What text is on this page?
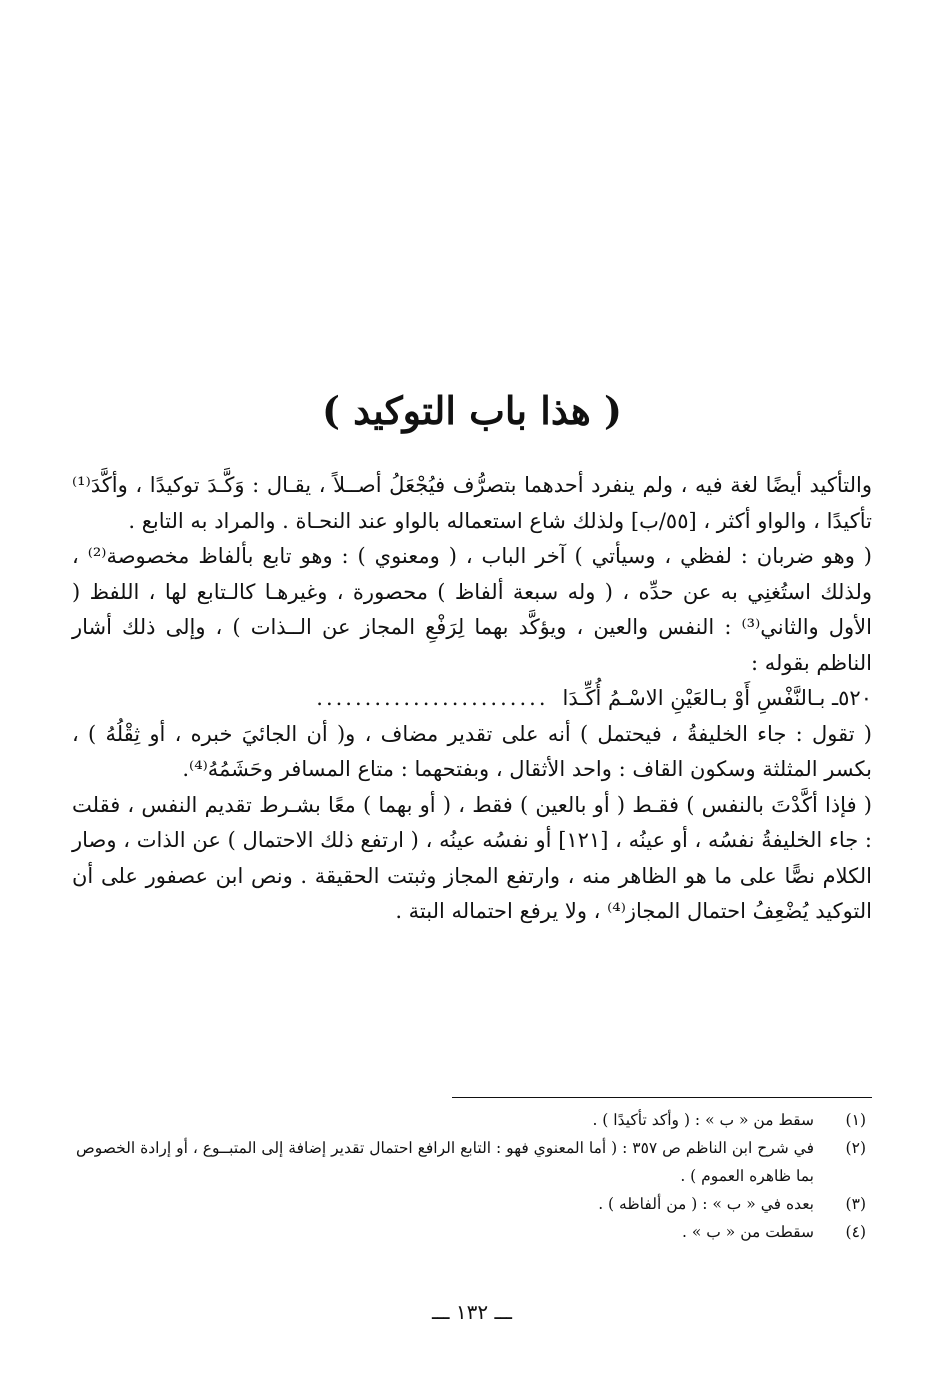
( هذا باب التوكيد )

والتأكيد أيضًا لغة فيه ، ولم ينفرد أحدهما بتصرُّف فيُجْعَلُ أصــلاً ، يقـال : وَكَّـدَ توكيدًا ، وأكَّدَ⁽¹⁾ تأكيدًا ، والواو أكثر ، [٥٥/ب] ولذلك شاع استعماله بالواو عند النحـاة . والمراد به التابع .

( وهو ضربان : لفظي ، وسيأتي ) آخر الباب ، ( ومعنوي ) : وهو تابع بألفاظ مخصوصة⁽²⁾ ، ولذلك استُغنِي به عن حدِّه ، ( وله سبعة ألفاظ ) محصورة ، وغيرهـا كالـتابع لها ، اللفظ ( الأول والثاني⁽³⁾ : النفس والعين ، ويؤكَّد بهما لِرَفْعِ المجاز عن الــذات ) ، وإلى ذلك أشار الناظم بقوله :

٥٢٠ـ بـالنَّفْسِ أَوْ بـالعَيْنِ الاسْـمُ أُكِّـدَا
........................

( تقول : جاء الخليفةُ ، فيحتمل ) أنه على تقدير مضاف ، و( أن الجائيَ خبره ، أو ثِقْلُهُ ) ، بكسر المثلثة وسكون القاف : واحد الأثقال ، وبفتحهما : متاع المسافر وحَشَمُهُ⁽⁴⁾.

( فإذا أكَّدْتَ بالنفس ) فقـط ( أو بالعين ) فقط ، ( أو بهما ) معًا بشـرط تقديم النفس ، فقلت : جاء الخليفةُ نفسُه ، أو عينُه ، [١٢١] أو نفسُه عينُه ، ( ارتفع ذلك الاحتمال ) عن الذات ، وصار الكلام نصًّا على ما هو الظاهر منه ، وارتفع المجاز وثبتت الحقيقة . ونص ابن عصفور على أن التوكيد يُضْعِفُ احتمال المجاز⁽⁴⁾ ، ولا يرفع احتماله البتة .

(١)
سقط من « ب » : ( وأكد تأكيدًا ) .
(٢)
في شرح ابن الناظم ص ٣٥٧ : ( أما المعنوي فهو : التابع الرافع احتمال تقدير إضافة إلى المتبــوع ، أو إرادة الخصوص بما ظاهره العموم ) .
(٣)
بعده في « ب » : ( من ألفاظه ) .
(٤)
سقطت من « ب » .
ـــ ١٣٢ ـــ
